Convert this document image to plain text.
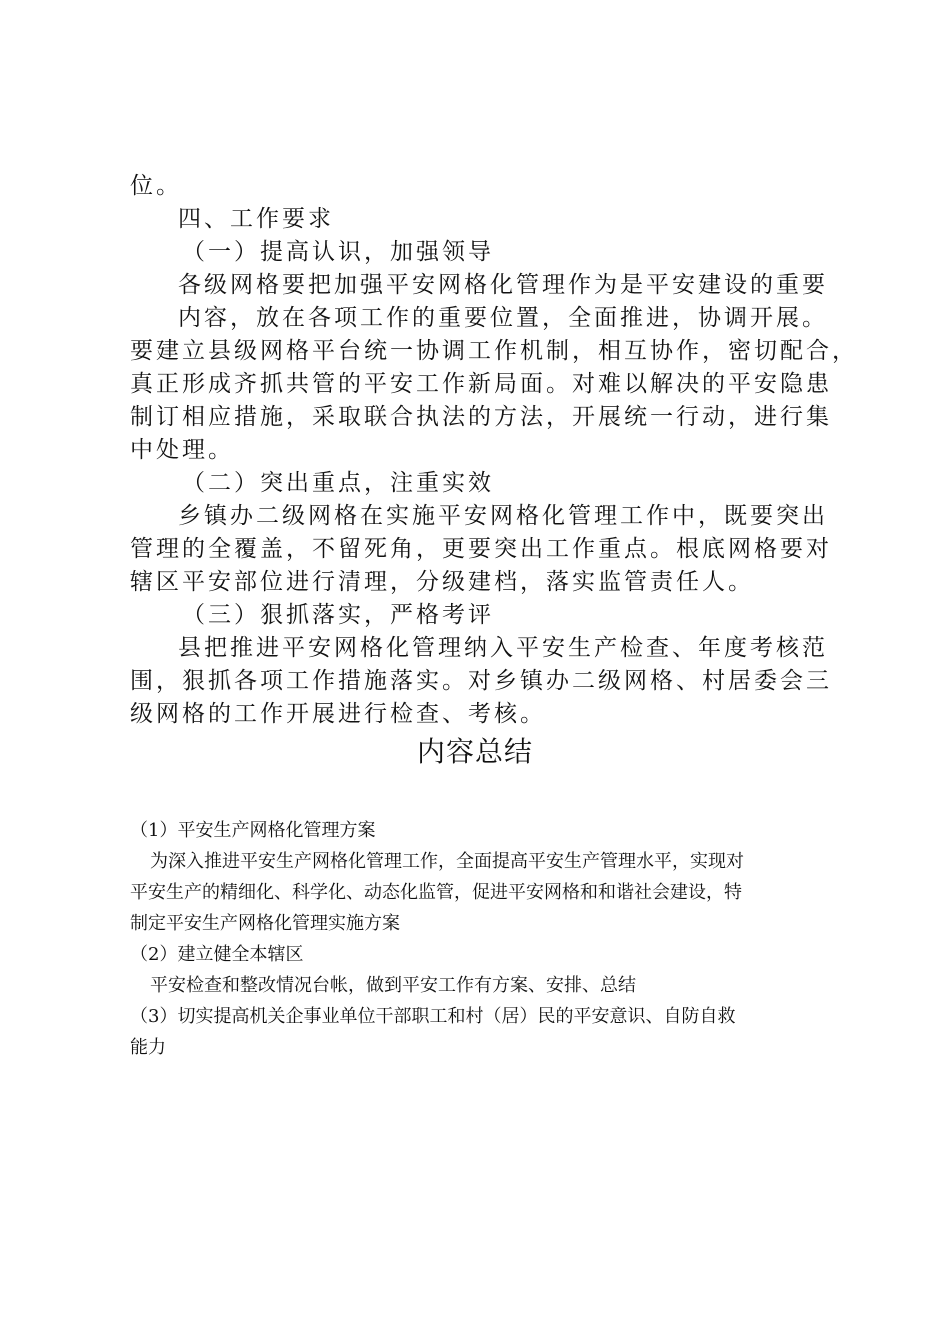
位。
四、工作要求
（一）提高认识，加强领导
各级网格要把加强平安网格化管理作为是平安建设的重要
内容，放在各项工作的重要位置，全面推进，协调开展。
要建立县级网格平台统一协调工作机制，相互协作，密切配合，
真正形成齐抓共管的平安工作新局面。对难以解决的平安隐患
制订相应措施，采取联合执法的方法，开展统一行动，进行集
中处理。
（二）突出重点，注重实效
乡镇办二级网格在实施平安网格化管理工作中，既要突出
管理的全覆盖，不留死角，更要突出工作重点。根底网格要对
辖区平安部位进行清理，分级建档，落实监管责任人。
（三）狠抓落实，严格考评
县把推进平安网格化管理纳入平安生产检查、年度考核范
围，狠抓各项工作措施落实。对乡镇办二级网格、村居委会三
级网格的工作开展进行检查、考核。
内容总结
（1）平安生产网格化管理方案
为深入推进平安生产网格化管理工作，全面提高平安生产管理水平，实现对
平安生产的精细化、科学化、动态化监管，促进平安网格和和谐社会建设，特
制定平安生产网格化管理实施方案
（2）建立健全本辖区
平安检查和整改情况台帐，做到平安工作有方案、安排、总结
（3）切实提高机关企事业单位干部职工和村（居）民的平安意识、自防自救
能力
